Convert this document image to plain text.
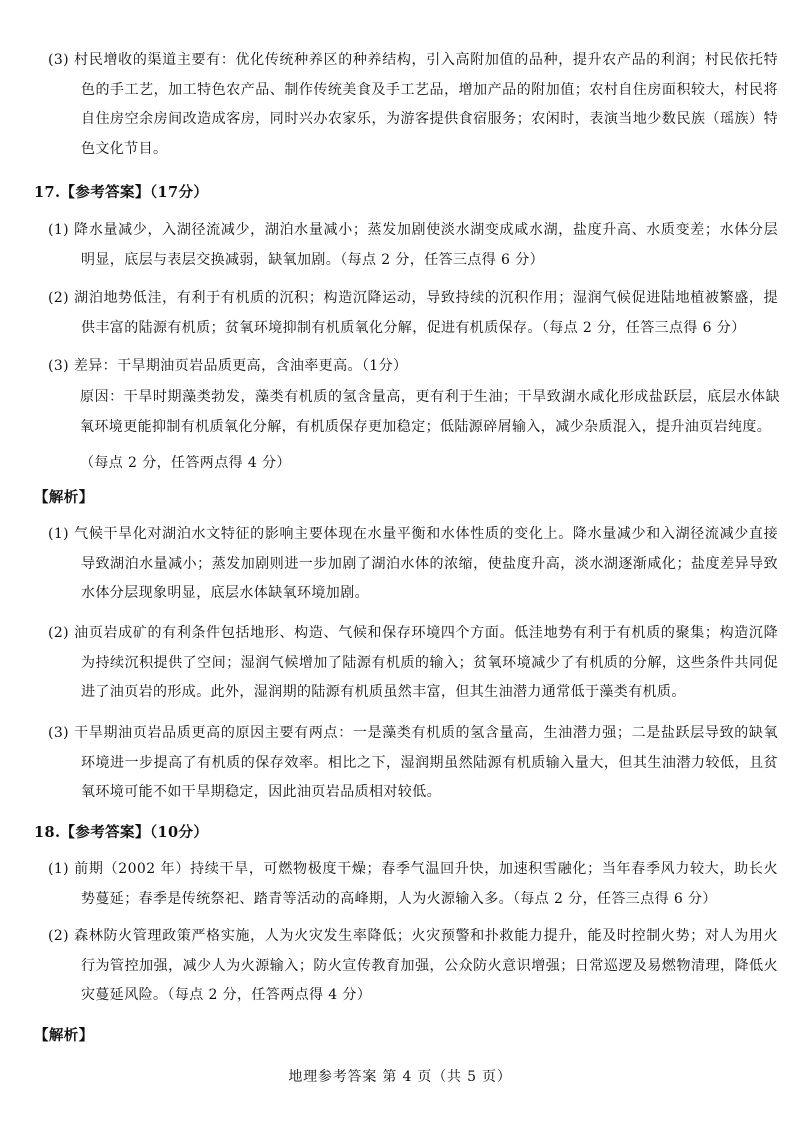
(3) 村民增收的渠道主要有：优化传统种养区的种养结构，引入高附加值的品种，提升农产品的利润；村民依托特色的手工艺，加工特色农产品、制作传统美食及手工艺品，增加产品的附加值；农村自住房面积较大，村民将自住房空余房间改造成客房，同时兴办农家乐，为游客提供食宿服务；农闲时，表演当地少数民族（瑶族）特色文化节目。
17.【参考答案】（17分）
(1) 降水量减少，入湖径流减少，湖泊水量减小；蒸发加剧使淡水湖变成咸水湖，盐度升高、水质变差；水体分层明显，底层与表层交换减弱，缺氧加剧。（每点 2 分，任答三点得 6 分）
(2) 湖泊地势低洼，有利于有机质的沉积；构造沉降运动，导致持续的沉积作用；湿润气候促进陆地植被繁盛，提供丰富的陆源有机质；贫氧环境抑制有机质氧化分解，促进有机质保存。（每点 2 分，任答三点得 6 分）
(3) 差异：干旱期油页岩品质更高，含油率更高。（1分）
原因：干旱时期藻类勃发，藻类有机质的氢含量高，更有利于生油；干旱致湖水咸化形成盐跃层，底层水体缺氧环境更能抑制有机质氧化分解，有机质保存更加稳定；低陆源碎屑输入，减少杂质混入，提升油页岩纯度。
（每点 2 分，任答两点得 4 分）
【解析】
(1) 气候干旱化对湖泊水文特征的影响主要体现在水量平衡和水体性质的变化上。降水量减少和入湖径流减少直接导致湖泊水量减小；蒸发加剧则进一步加剧了湖泊水体的浓缩，使盐度升高，淡水湖逐渐咸化；盐度差异导致水体分层现象明显，底层水体缺氧环境加剧。
(2) 油页岩成矿的有利条件包括地形、构造、气候和保存环境四个方面。低洼地势有利于有机质的聚集；构造沉降为持续沉积提供了空间；湿润气候增加了陆源有机质的输入；贫氧环境减少了有机质的分解，这些条件共同促进了油页岩的形成。此外，湿润期的陆源有机质虽然丰富，但其生油潜力通常低于藻类有机质。
(3) 干旱期油页岩品质更高的原因主要有两点：一是藻类有机质的氢含量高，生油潜力强；二是盐跃层导致的缺氧环境进一步提高了有机质的保存效率。相比之下，湿润期虽然陆源有机质输入量大，但其生油潜力较低，且贫氧环境可能不如干旱期稳定，因此油页岩品质相对较低。
18.【参考答案】（10分）
(1) 前期（2002 年）持续干旱，可燃物极度干燥；春季气温回升快，加速积雪融化；当年春季风力较大，助长火势蔓延；春季是传统祭祀、踏青等活动的高峰期，人为火源输入多。（每点 2 分，任答三点得 6 分）
(2) 森林防火管理政策严格实施，人为火灾发生率降低；火灾预警和扑救能力提升，能及时控制火势；对人为用火行为管控加强，减少人为火源输入；防火宣传教育加强，公众防火意识增强；日常巡逻及易燃物清理，降低火灾蔓延风险。（每点 2 分，任答两点得 4 分）
【解析】
地理参考答案 第 4 页（共 5 页）
